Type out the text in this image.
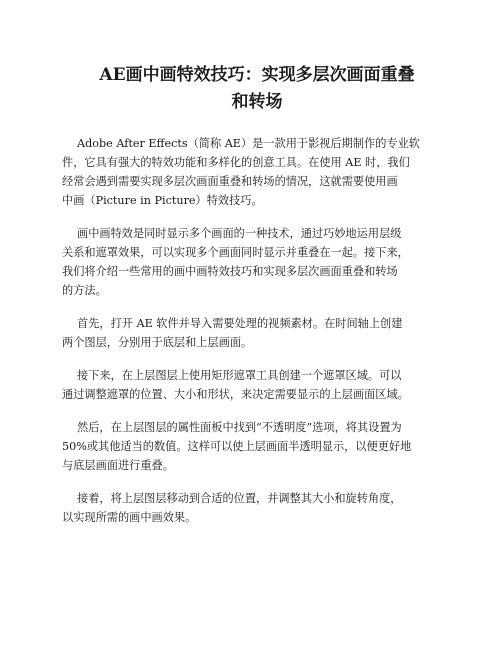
AE画中画特效技巧：实现多层次画面重叠
和转场

Adobe After Effects（简称 AE）是一款用于影视后期制作的专业软
件，它具有强大的特效功能和多样化的创意工具。在使用 AE 时，我们
经常会遇到需要实现多层次画面重叠和转场的情况，这就需要使用画
中画（Picture in Picture）特效技巧。

画中画特效是同时显示多个画面的一种技术，通过巧妙地运用层级
关系和遮罩效果，可以实现多个画面同时显示并重叠在一起。接下来，
我们将介绍一些常用的画中画特效技巧和实现多层次画面重叠和转场
的方法。

首先，打开 AE 软件并导入需要处理的视频素材。在时间轴上创建
两个图层，分别用于底层和上层画面。

接下来，在上层图层上使用矩形遮罩工具创建一个遮罩区域。可以
通过调整遮罩的位置、大小和形状，来决定需要显示的上层画面区域。

然后，在上层图层的属性面板中找到“不透明度”选项，将其设置为
50%或其他适当的数值。这样可以使上层画面半透明显示，以便更好地
与底层画面进行重叠。

接着，将上层图层移动到合适的位置，并调整其大小和旋转角度，
以实现所需的画中画效果。
